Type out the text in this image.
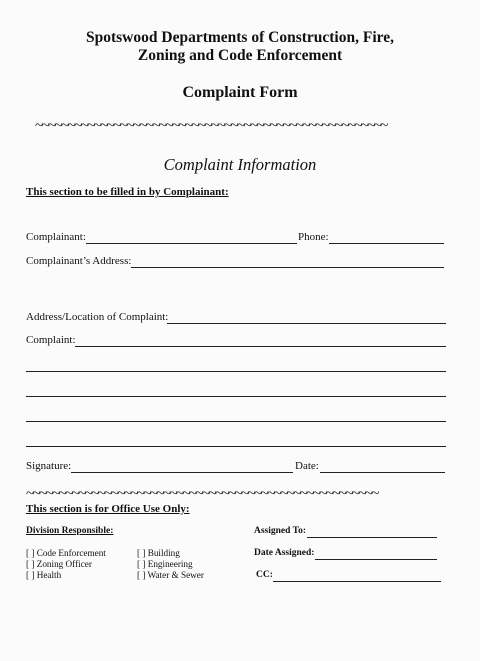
Spotswood Departments of Construction, Fire,
Zoning and Code Enforcement
Complaint Form
~~~~~~~~~~~~~~~~~~~~~~~~~~~~~~~~~~~~~~~~~~~~~~~~~~~~~~
Complaint Information
This section to be filled in by Complainant:
Complainant:	Phone:
Complainant’s Address:
Address/Location of Complaint:
Complaint:
Signature:	Date:
~~~~~~~~~~~~~~~~~~~~~~~~~~~~~~~~~~~~~~~~~~~~~~~~~~~~~~
This section is for Office Use Only:
Division Responsible:
[ ] Code Enforcement
[ ] Zoning Officer
[ ] Health
[ ] Building
[ ] Engineering
[ ] Water & Sewer
Assigned To:
Date Assigned:
CC:
